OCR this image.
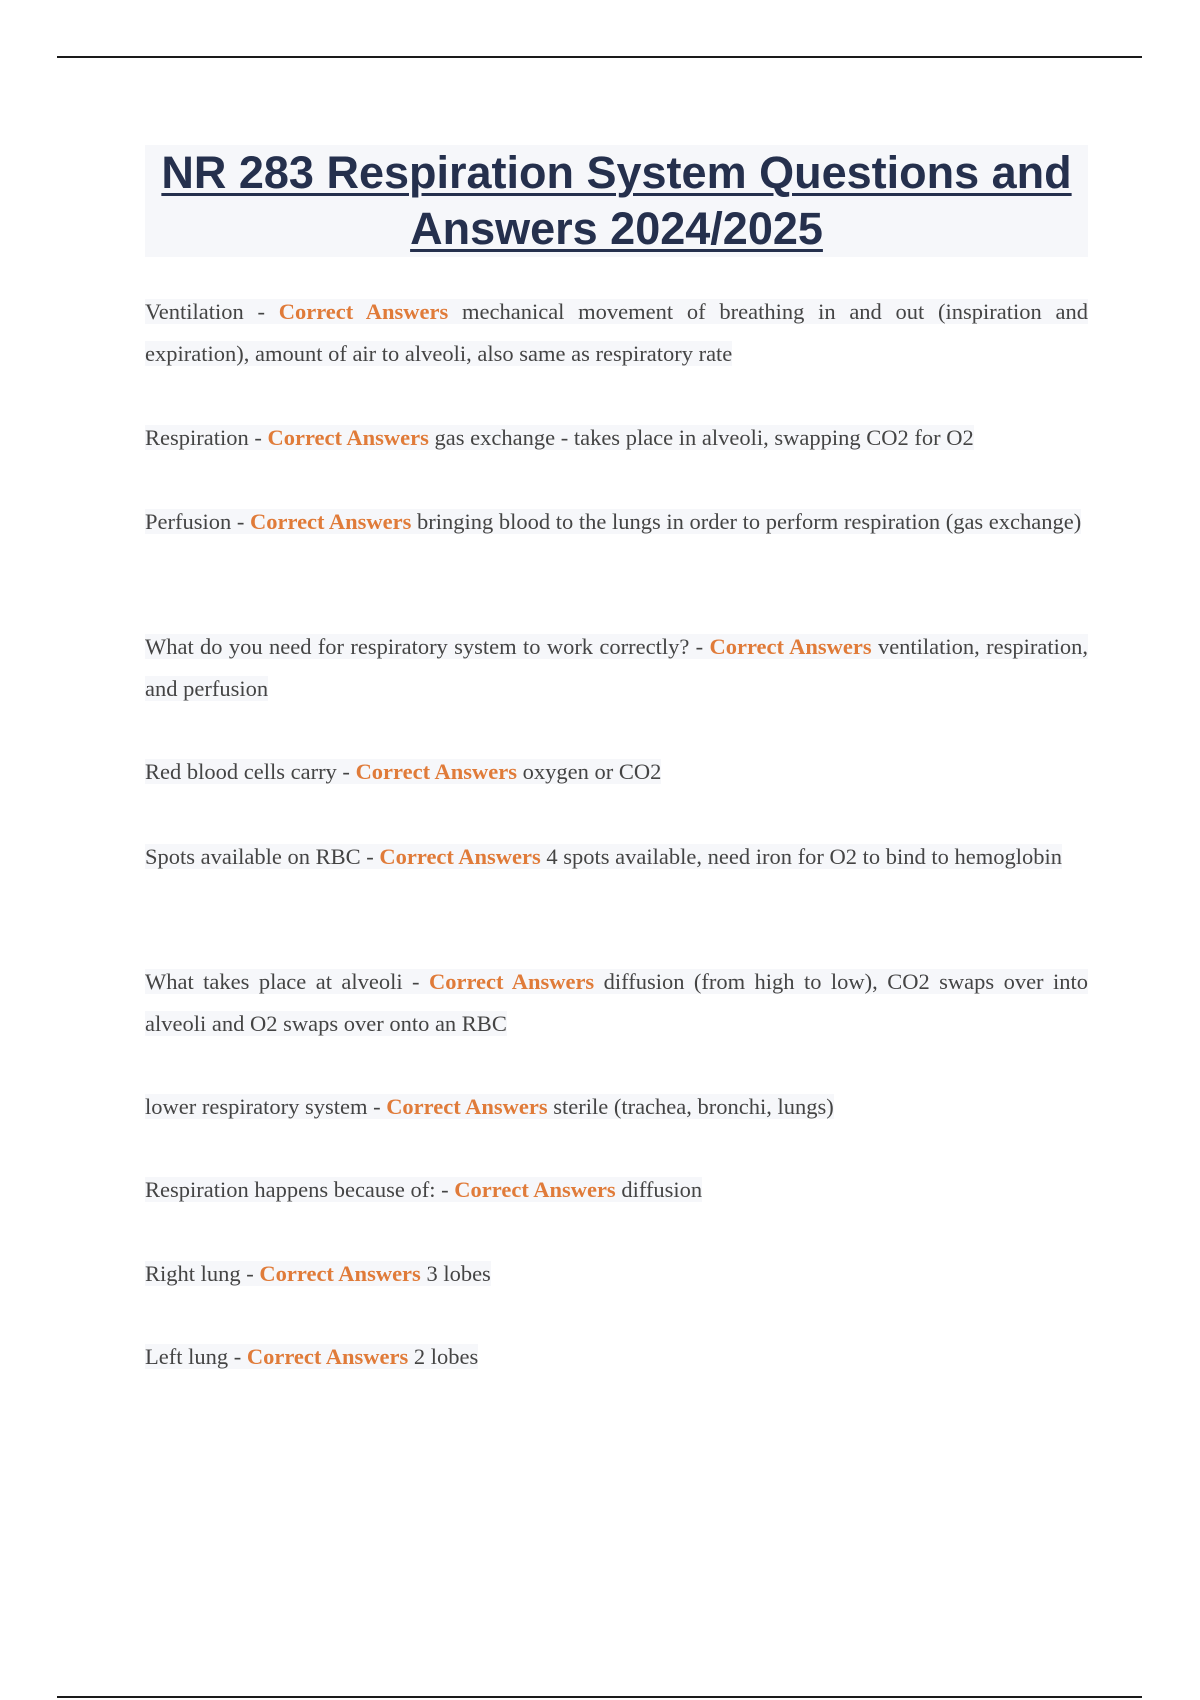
NR 283 Respiration System Questions and Answers 2024/2025

Ventilation - Correct Answers mechanical movement of breathing in and out (inspiration and expiration), amount of air to alveoli, also same as respiratory rate

Respiration - Correct Answers gas exchange - takes place in alveoli, swapping CO2 for O2

Perfusion - Correct Answers bringing blood to the lungs in order to perform respiration (gas exchange)

What do you need for respiratory system to work correctly? - Correct Answers ventilation, respiration, and perfusion

Red blood cells carry - Correct Answers oxygen or CO2

Spots available on RBC - Correct Answers 4 spots available, need iron for O2 to bind to hemoglobin

What takes place at alveoli - Correct Answers diffusion (from high to low), CO2 swaps over into alveoli and O2 swaps over onto an RBC

lower respiratory system - Correct Answers sterile (trachea, bronchi, lungs)

Respiration happens because of: - Correct Answers diffusion

Right lung - Correct Answers 3 lobes

Left lung - Correct Answers 2 lobes
